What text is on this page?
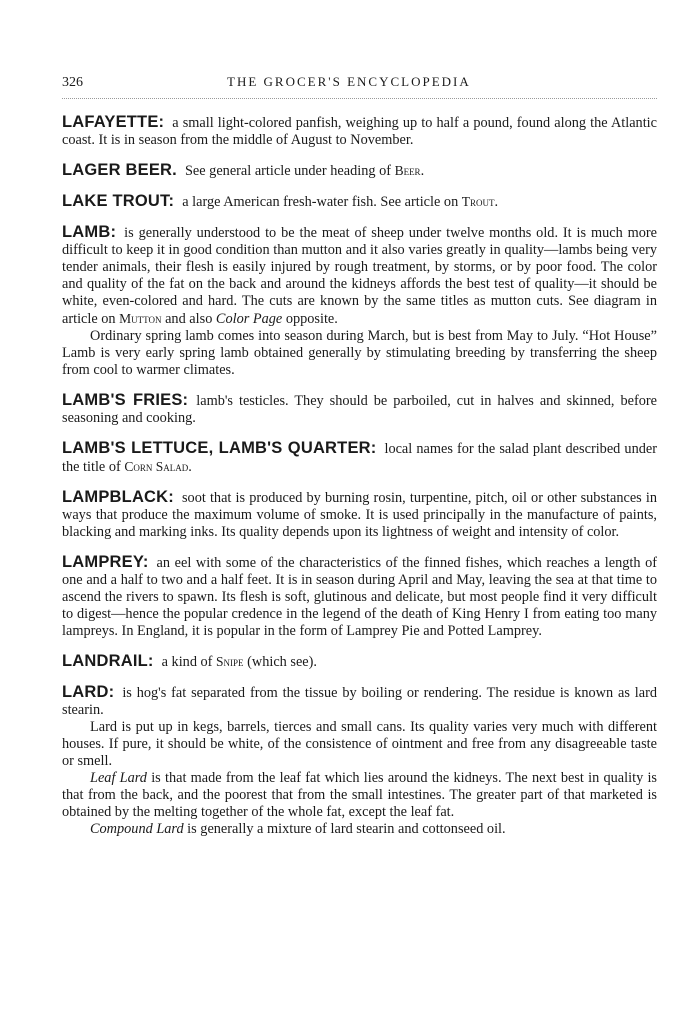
326	THE GROCER'S ENCYCLOPEDIA

LAFAYETTE: a small light-colored panfish, weighing up to half a pound, found along the Atlantic coast. It is in season from the middle of August to November.

LAGER BEER. See general article under heading of Beer.

LAKE TROUT: a large American fresh-water fish. See article on Trout.

LAMB: is generally understood to be the meat of sheep under twelve months old. It is much more difficult to keep it in good condition than mutton and it also varies greatly in quality—lambs being very tender animals, their flesh is easily injured by rough treatment, by storms, or by poor food. The color and quality of the fat on the back and around the kidneys affords the best test of quality—it should be white, even-colored and hard. The cuts are known by the same titles as mutton cuts. See diagram in article on Mutton and also Color Page opposite.

Ordinary spring lamb comes into season during March, but is best from May to July. “Hot House” Lamb is very early spring lamb obtained generally by stimulating breeding by transferring the sheep from cool to warmer climates.

LAMB'S FRIES: lamb's testicles. They should be parboiled, cut in halves and skinned, before seasoning and cooking.

LAMB'S LETTUCE, LAMB'S QUARTER: local names for the salad plant described under the title of Corn Salad.

LAMPBLACK: soot that is produced by burning rosin, turpentine, pitch, oil or other substances in ways that produce the maximum volume of smoke. It is used principally in the manufacture of paints, blacking and marking inks. Its quality depends upon its lightness of weight and intensity of color.

LAMPREY: an eel with some of the characteristics of the finned fishes, which reaches a length of one and a half to two and a half feet. It is in season during April and May, leaving the sea at that time to ascend the rivers to spawn. Its flesh is soft, glutinous and delicate, but most people find it very difficult to digest—hence the popular credence in the legend of the death of King Henry I from eating too many lampreys. In England, it is popular in the form of Lamprey Pie and Potted Lamprey.

LANDRAIL: a kind of Snipe (which see).

LARD: is hog's fat separated from the tissue by boiling or rendering. The residue is known as lard stearin.

Lard is put up in kegs, barrels, tierces and small cans. Its quality varies very much with different houses. If pure, it should be white, of the consistence of ointment and free from any disagreeable taste or smell.

Leaf Lard is that made from the leaf fat which lies around the kidneys. The next best in quality is that from the back, and the poorest that from the small intestines. The greater part of that marketed is obtained by the melting together of the whole fat, except the leaf fat.

Compound Lard is generally a mixture of lard stearin and cottonseed oil.
